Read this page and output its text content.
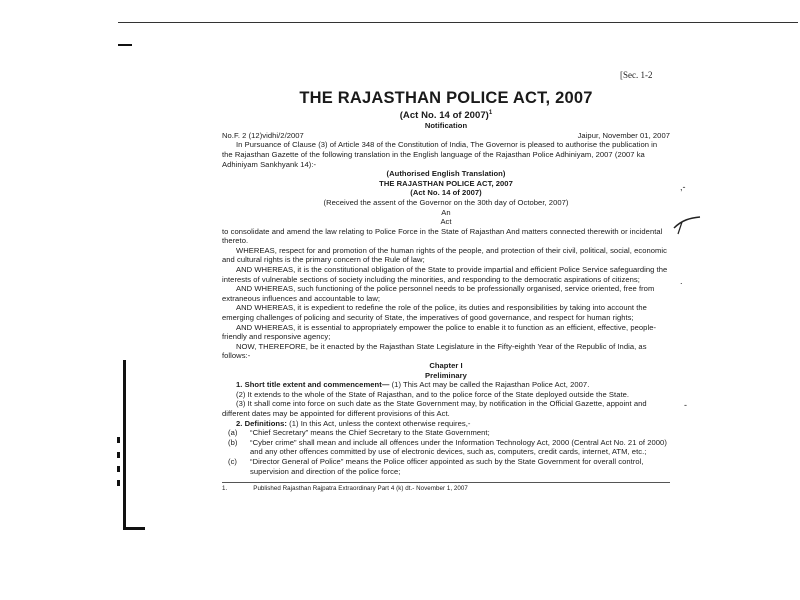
,-
-
.
[Sec. 1-2
THE RAJASTHAN POLICE ACT, 2007
(Act No. 14 of 2007)$^1$
Notification
No.F. 2 (12)vidhi/2/2007	Jaipur, November 01, 2007

In Pursuance of Clause (3) of Article 348 of the Constitution of India, The Governor is pleased to authorise the publication in the Rajasthan Gazette of the following translation in the English language of the Rajasthan Police Adhiniyam, 2007 (2007 ka Adhiniyam Sankhyank 14):-

(Authorised English Translation)
THE RAJASTHAN POLICE ACT, 2007
(Act No. 14 of 2007)
(Received the assent of the Governor on the 30th day of October, 2007)
An
Act

to consolidate and amend the law relating to Police Force in the State of Rajasthan And matters connected therewith or incidental thereto.

WHEREAS, respect for and promotion of the human rights of the people, and protection of their civil, political, social, economic and cultural rights is the primary concern of the Rule of law;

AND WHEREAS, it is the constitutional obligation of the State to provide impartial and efficient Police Service safeguarding the interests of vulnerable sections of society including the minorities, and responding to the democratic aspirations of citizens;

AND WHEREAS, such functioning of the police personnel needs to be professionally organised, service oriented, free from extraneous influences and accountable to law;

AND WHEREAS, it is expedient to redefine the role of the police, its duties and responsibilities by taking into account the emerging challenges of policing and security of State, the imperatives of good governance, and respect for human rights;

AND WHEREAS, it is essential to appropriately empower the police to enable it to function as an efficient, effective, people-friendly and responsive agency;

NOW, THEREFORE, be it enacted by the Rajasthan State Legislature in the Fifty-eighth Year of the Republic of India, as follows:-

Chapter I
Preliminary

1. Short title extent and commencement— (1) This Act may be called the Rajasthan Police Act, 2007.

(2) It extends to the whole of the State of Rajasthan, and to the police force of the State deployed outside the State.

(3) It shall come into force on such date as the State Government may, by notification in the Official Gazette, appoint and different dates may be appointed for different provisions of this Act.

2. Definitions: (1) In this Act, unless the context otherwise requires,-

(a)	“Chief Secretary” means the Chief Secretary to the State Government;
(b)	“Cyber crime” shall mean and include all offences under the Information Technology Act, 2000 (Central Act No. 21 of 2000) and any other offences committed by use of electronic devices, such as, computers, credit cards, internet, ATM, etc.;
(c)	“Director General of Police” means the Police officer appointed as such by the State Government for overall control, supervision and direction of the police force;
1.	Published Rajasthan Rajpatra Extraordinary Part 4 (k) dt.- November 1, 2007
